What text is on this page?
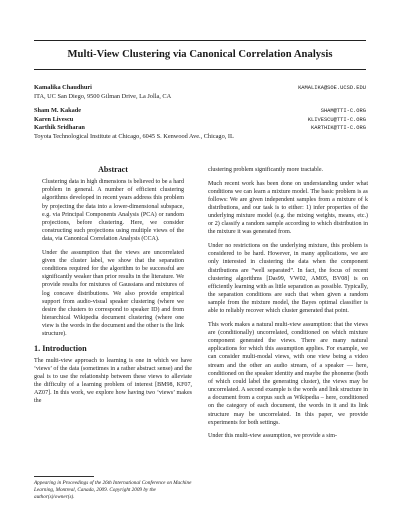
Multi-View Clustering via Canonical Correlation Analysis
Kamalika Chaudhuri	KAMALIKA@SOE.UCSD.EDU
ITA, UC San Diego, 9500 Gilman Drive, La Jolla, CA
Sham M. Kakade	SHAM@TTI-C.ORG
Karen Livescu	KLIVESCU@TTI-C.ORG
Karthik Sridharan	KARTHIK@TTI-C.ORG
Toyota Technological Institute at Chicago, 6045 S. Kenwood Ave., Chicago, IL
Abstract

Clustering data in high dimensions is believed to be a hard problem in general. A number of efficient clustering algorithms developed in recent years address this problem by projecting the data into a lower-dimensional subspace, e.g. via Principal Components Analysis (PCA) or random projections, before clustering. Here, we consider constructing such projections using multiple views of the data, via Canonical Correlation Analysis (CCA).

Under the assumption that the views are uncorrelated given the cluster label, we show that the separation conditions required for the algorithm to be successful are significantly weaker than prior results in the literature. We provide results for mixtures of Gaussians and mixtures of log concave distributions. We also provide empirical support from audio-visual speaker clustering (where we desire the clusters to correspond to speaker ID) and from hierarchical Wikipedia document clustering (where one view is the words in the document and the other is the link structure).

1. Introduction

The multi-view approach to learning is one in which we have ‘views’ of the data (sometimes in a rather abstract sense) and the goal is to use the relationship between these views to alleviate the difficulty of a learning problem of interest [BM98, KF07, AZ07]. In this work, we explore how having two ‘views’ makes the

Appearing in Proceedings of the 26th International Conference on Machine Learning, Montreal, Canada, 2009. Copyright 2009 by the author(s)/owner(s).

clustering problem significantly more tractable.

Much recent work has been done on understanding under what conditions we can learn a mixture model. The basic problem is as follows: We are given independent samples from a mixture of k distributions, and our task is to either: 1) infer properties of the underlying mixture model (e.g. the mixing weights, means, etc.) or 2) classify a random sample according to which distribution in the mixture it was generated from.

Under no restrictions on the underlying mixture, this problem is considered to be hard. However, in many applications, we are only interested in clustering the data when the component distributions are “well separated”. In fact, the focus of recent clustering algorithms [Das99, VW02, AM05, BV08] is on efficiently learning with as little separation as possible. Typically, the separation conditions are such that when given a random sample from the mixture model, the Bayes optimal classifier is able to reliably recover which cluster generated that point.

This work makes a natural multi-view assumption: that the views are (conditionally) uncorrelated, conditioned on which mixture component generated the views. There are many natural applications for which this assumption applies. For example, we can consider multi-modal views, with one view being a video stream and the other an audio stream, of a speaker — here, conditioned on the speaker identity and maybe the phoneme (both of which could label the generating cluster), the views may be uncorrelated. A second example is the words and link structure in a document from a corpus such as Wikipedia – here, conditioned on the category of each document, the words in it and its link structure may be uncorrelated. In this paper, we provide experiments for both settings.

Under this multi-view assumption, we provide a sim-
